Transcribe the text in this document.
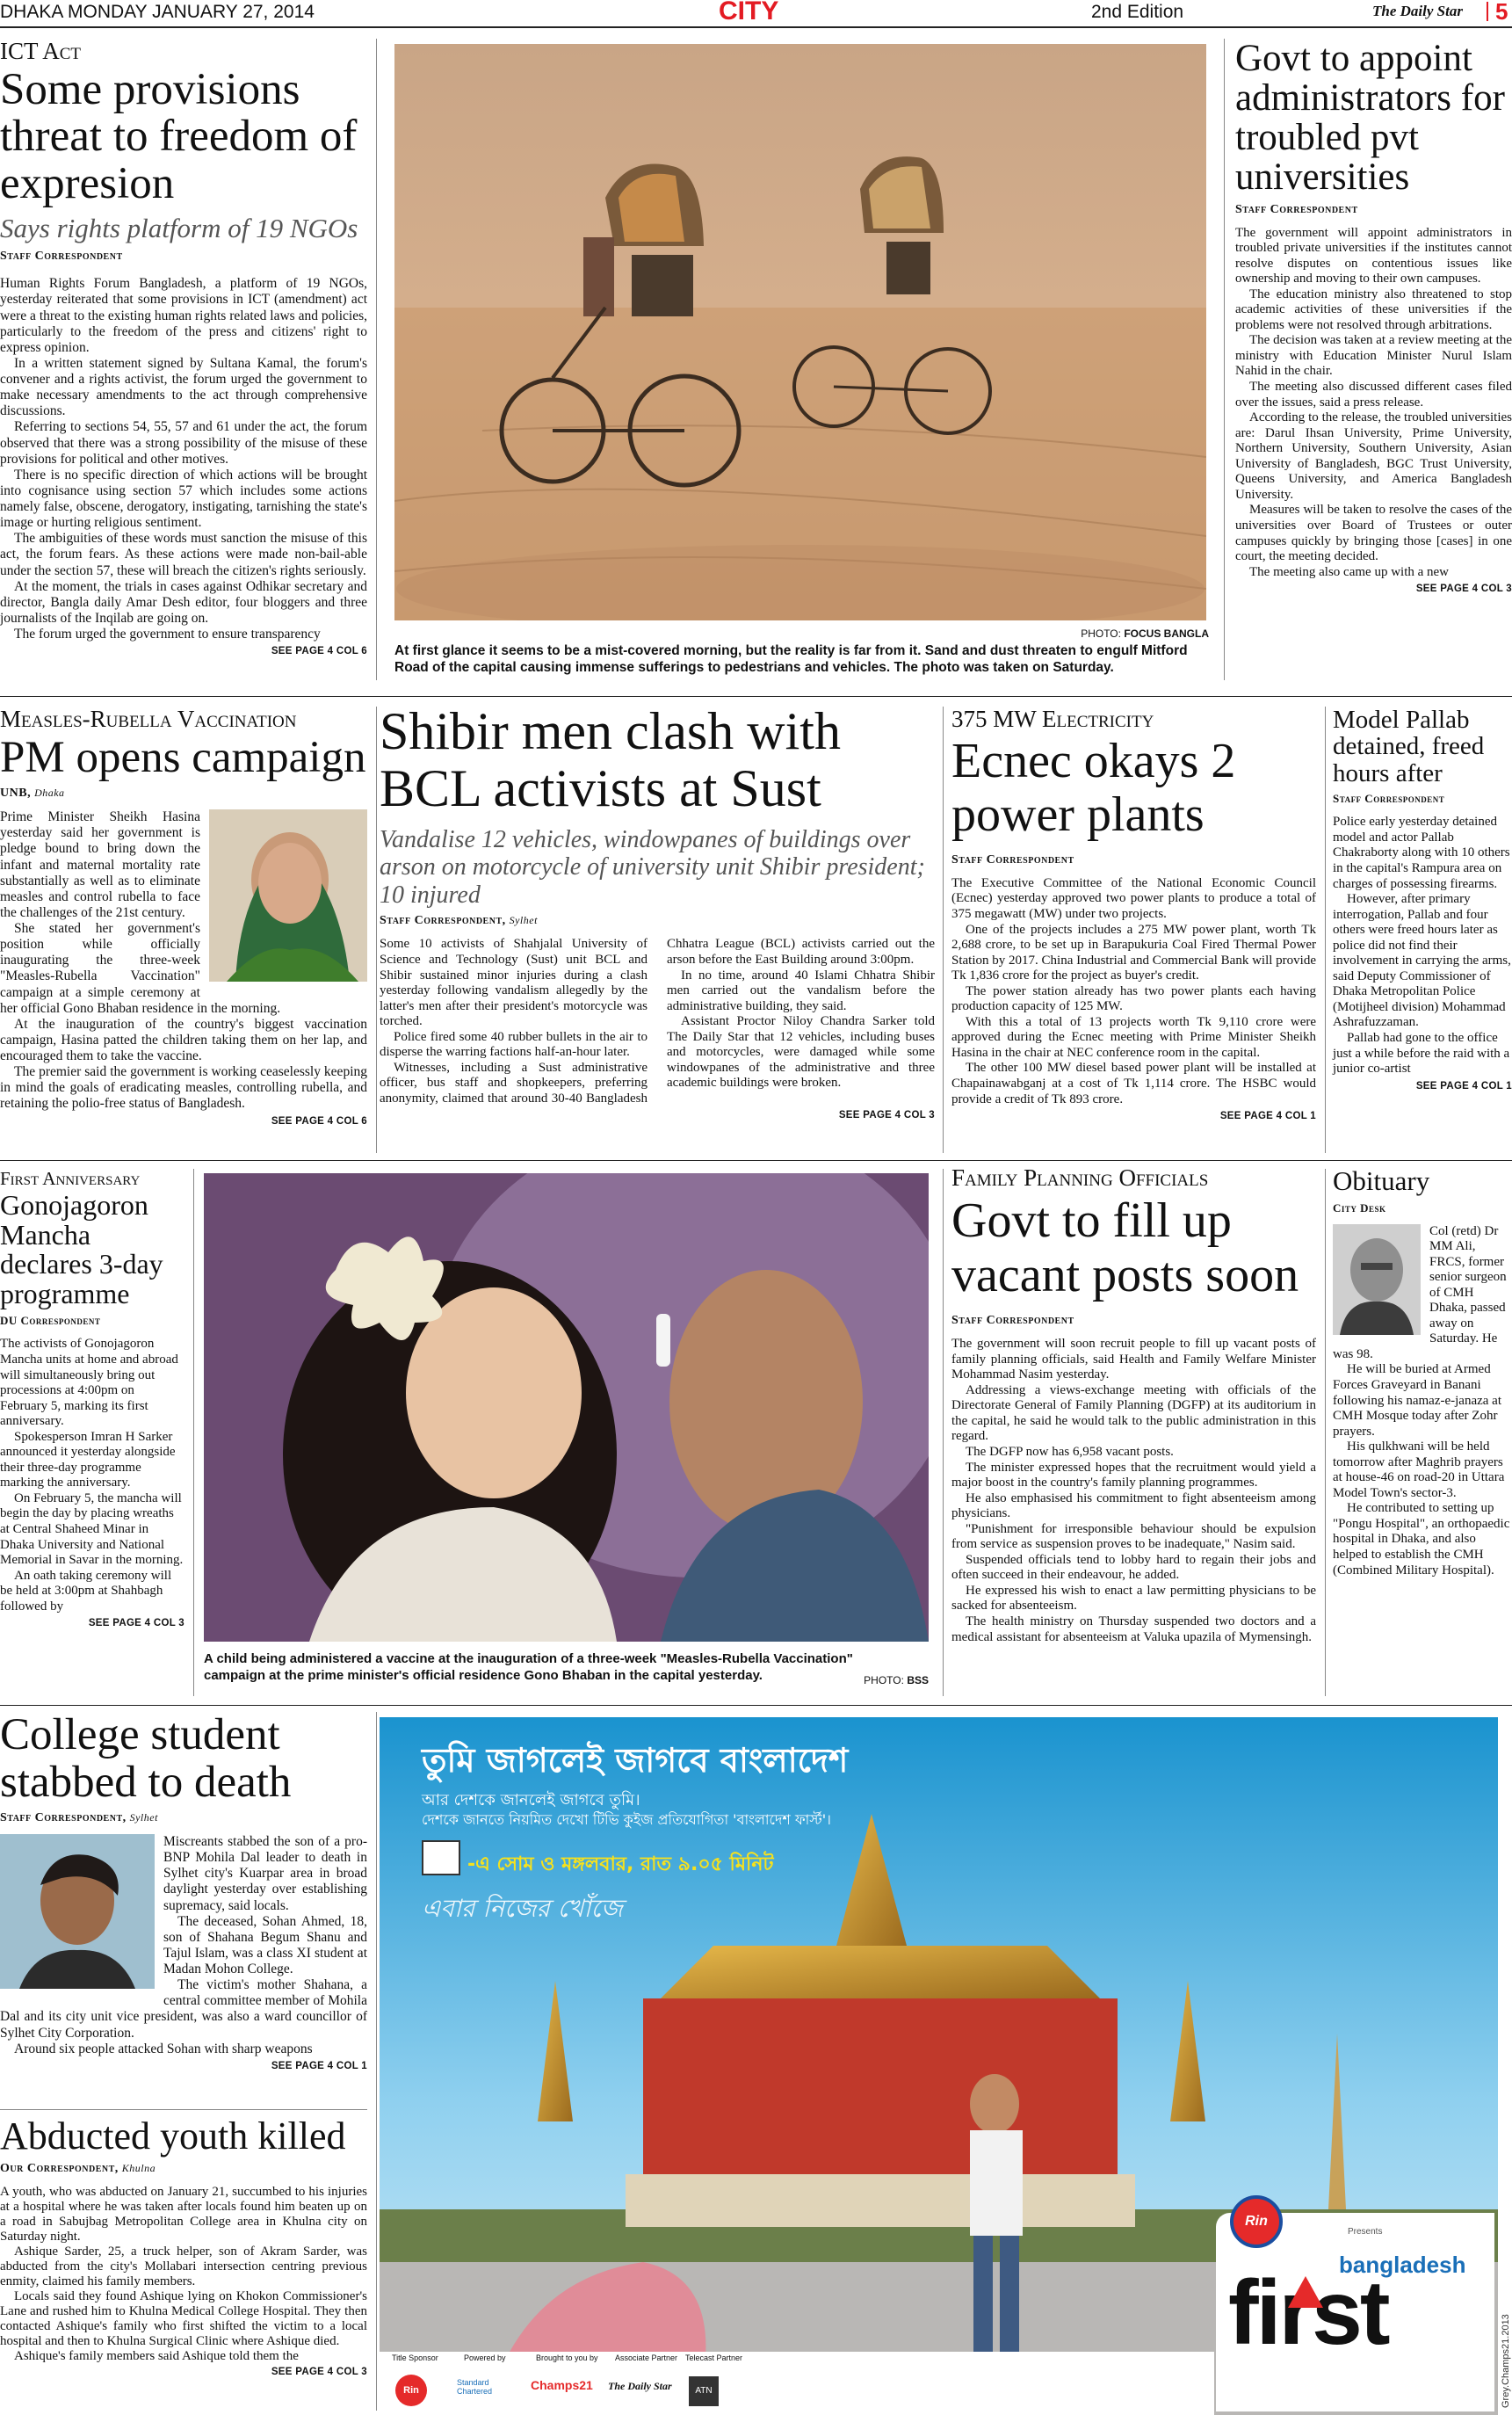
DHAKA MONDAY JANUARY 27, 2014	CITY	2nd Edition	The Daily Star 5
ICT Act
Some provisions threat to freedom of expresion
Says rights platform of 19 NGOs
Staff Correspondent

Human Rights Forum Bangladesh, a platform of 19 NGOs, yesterday reiterated that some provisions in ICT (amendment) act were a threat to the existing human rights related laws and policies, particularly to the freedom of the press and citizens' right to express opinion.

In a written statement signed by Sultana Kamal, the forum's convener and a rights activist, the forum urged the government to make necessary amendments to the act through comprehensive discussions.

Referring to sections 54, 55, 57 and 61 under the act, the forum observed that there was a strong possibility of the misuse of these provisions for political and other motives.

There is no specific direction of which actions will be brought into cognisance using section 57 which includes some actions namely false, obscene, derogatory, instigating, tarnishing the state's image or hurting religious sentiment.

The ambiguities of these words must sanction the misuse of this act, the forum fears. As these actions were made non-bail-able under the section 57, these will breach the citizen's rights seriously.

At the moment, the trials in cases against Odhikar secretary and director, Bangla daily Amar Desh editor, four bloggers and three journalists of the Inqilab are going on.

The forum urged the government to ensure transparency

SEE PAGE 4 COL 6
PHOTO: FOCUS BANGLA
At first glance it seems to be a mist-covered morning, but the reality is far from it. Sand and dust threaten to engulf Mitford Road of the capital causing immense sufferings to pedestrians and vehicles. The photo was taken on Saturday.
Govt to appoint administrators for troubled pvt universities
Staff Correspondent

The government will appoint administrators in troubled private universities if the institutes cannot resolve disputes on contentious issues like ownership and moving to their own campuses.

The education ministry also threatened to stop academic activities of these universities if the problems were not resolved through arbitrations.

The decision was taken at a review meeting at the ministry with Education Minister Nurul Islam Nahid in the chair.

The meeting also discussed different cases filed over the issues, said a press release.

According to the release, the troubled universities are: Darul Ihsan University, Prime University, Northern University, Southern University, Asian University of Bangladesh, BGC Trust University, Queens University, and America Bangladesh University.

Measures will be taken to resolve the cases of the universities over Board of Trustees or outer campuses quickly by bringing those [cases] in one court, the meeting decided.

The meeting also came up with a new

SEE PAGE 4 COL 3
Measles-Rubella Vaccination
PM opens campaign
UNB, Dhaka

Prime Minister Sheikh Hasina yesterday said her government is pledge bound to bring down the infant and maternal mortality rate substantially as well as to eliminate measles and control rubella to face the challenges of the 21st century.

She stated her government's position while officially inaugurating the three-week "Measles-Rubella Vaccination" campaign at a simple ceremony at her official Gono Bhaban residence in the morning.

At the inauguration of the country's biggest vaccination campaign, Hasina patted the children taking them on her lap, and encouraged them to take the vaccine.

The premier said the government is working ceaselessly keeping in mind the goals of eradicating measles, controlling rubella, and retaining the polio-free status of Bangladesh.

SEE PAGE 4 COL 6
Shibir men clash with BCL activists at Sust
Vandalise 12 vehicles, windowpanes of buildings over arson on motorcycle of university unit Shibir president; 10 injured
Staff Correspondent, Sylhet

Some 10 activists of Shahjalal University of Science and Technology (Sust) unit BCL and Shibir sustained minor injuries during a clash yesterday following vandalism allegedly by the latter's men after their president's motorcycle was torched.

Police fired some 40 rubber bullets in the air to disperse the warring factions half-an-hour later.

Witnesses, including a Sust administrative officer, bus staff and shopkeepers, preferring anonymity, claimed that around 30-40 Bangladesh Chhatra League (BCL) activists carried out the arson before the East Building around 3:00pm.

In no time, around 40 Islami Chhatra Shibir men carried out the vandalism before the administrative building, they said.

Assistant Proctor Niloy Chandra Sarker told The Daily Star that 12 vehicles, including buses and motorcycles, were damaged while some windowpanes of the administrative and three academic buildings were broken.

SEE PAGE 4 COL 3
375 MW Electricity
Ecnec okays 2 power plants
Staff Correspondent

The Executive Committee of the National Economic Council (Ecnec) yesterday approved two power plants to produce a total of 375 megawatt (MW) under two projects.

One of the projects includes a 275 MW power plant, worth Tk 2,688 crore, to be set up in Barapukuria Coal Fired Thermal Power Station by 2017. China Industrial and Commercial Bank will provide Tk 1,836 crore for the project as buyer's credit.

The power station already has two power plants each having production capacity of 125 MW.

With this a total of 13 projects worth Tk 9,110 crore were approved during the Ecnec meeting with Prime Minister Sheikh Hasina in the chair at NEC conference room in the capital.

The other 100 MW diesel based power plant will be installed at Chapainawabganj at a cost of Tk 1,114 crore. The HSBC would provide a credit of Tk 893 crore.

SEE PAGE 4 COL 1
Model Pallab detained, freed hours after
Staff Correspondent

Police early yesterday detained model and actor Pallab Chakraborty along with 10 others in the capital's Rampura area on charges of possessing firearms.

However, after primary interrogation, Pallab and four others were freed hours later as police did not find their involvement in carrying the arms, said Deputy Commissioner of Dhaka Metropolitan Police (Motijheel division) Mohammad Ashrafuzzaman.

Pallab had gone to the office just a while before the raid with a junior co-artist

SEE PAGE 4 COL 1
First Anniversary
Gonojagoron Mancha declares 3-day programme
DU Correspondent

The activists of Gonojagoron Mancha units at home and abroad will simultaneously bring out processions at 4:00pm on February 5, marking its first anniversary.

Spokesperson Imran H Sarker announced it yesterday alongside their three-day programme marking the anniversary.

On February 5, the mancha will begin the day by placing wreaths at Central Shaheed Minar in Dhaka University and National Memorial in Savar in the morning.

An oath taking ceremony will be held at 3:00pm at Shahbagh followed by

SEE PAGE 4 COL 3
A child being administered a vaccine at the inauguration of a three-week "Measles-Rubella Vaccination" campaign at the prime minister's official residence Gono Bhaban in the capital yesterday.	PHOTO: BSS
Family Planning Officials
Govt to fill up vacant posts soon
Staff Correspondent

The government will soon recruit people to fill up vacant posts of family planning officials, said Health and Family Welfare Minister Mohammad Nasim yesterday.

Addressing a views-exchange meeting with officials of the Directorate General of Family Planning (DGFP) at its auditorium in the capital, he said he would talk to the public administration in this regard.

The DGFP now has 6,958 vacant posts.

The minister expressed hopes that the recruitment would yield a major boost in the country's family planning programmes.

He also emphasised his commitment to fight absenteeism among physicians.

"Punishment for irresponsible behaviour should be expulsion from service as suspension proves to be inadequate," Nasim said.

Suspended officials tend to lobby hard to regain their jobs and often succeed in their endeavour, he added.

He expressed his wish to enact a law permitting physicians to be sacked for absenteeism.

The health ministry on Thursday suspended two doctors and a medical assistant for absenteeism at Valuka upazila of Mymensingh.

Obituary
City Desk

Col (retd) Dr MM Ali, FRCS, former senior surgeon of CMH Dhaka, passed away on Saturday. He was 98.

He will be buried at Armed Forces Graveyard in Banani following his namaz-e-janaza at CMH Mosque today after Zohr prayers.

His qulkhwani will be held tomorrow after Maghrib prayers at house-46 on road-20 in Uttara Model Town's sector-3.

He contributed to setting up "Pongu Hospital", an orthopaedic hospital in Dhaka, and also helped to establish the CMH (Combined Military Hospital).

College student stabbed to death
Staff Correspondent, Sylhet

Miscreants stabbed the son of a pro-BNP Mohila Dal leader to death in Sylhet city's Kuarpar area in broad daylight yesterday over establishing supremacy, said locals.

The deceased, Sohan Ahmed, 18, son of Shahana Begum Shanu and Tajul Islam, was a class XI student at Madan Mohon College.

The victim's mother Shahana, a central committee member of Mohila Dal and its city unit vice president, was also a ward councillor of Sylhet City Corporation.

Around six people attacked Sohan with sharp weapons

SEE PAGE 4 COL 1
Abducted youth killed
Our Correspondent, Khulna

A youth, who was abducted on January 21, succumbed to his injuries at a hospital where he was taken after locals found him beaten up on a road in Sabujbag Metropolitan College area in Khulna city on Saturday night.

Ashique Sarder, 25, a truck helper, son of Akram Sarder, was abducted from the city's Mollabari intersection centring previous enmity, claimed his family members.

Locals said they found Ashique lying on Khokon Commissioner's Lane and rushed him to Khulna Medical College Hospital. They then contacted Ashique's family who first shifted the victim to a local hospital and then to Khulna Surgical Clinic where Ashique died.

Ashique's family members said Ashique told them the

SEE PAGE 4 COL 3
তুমি জাগলেই জাগবে বাংলাদেশ
আর দেশকে জানলেই জাগবে তুমি।
দেশকে জানতে নিয়মিত দেখো টিভি কুইজ প্রতিযোগিতা 'বাংলাদেশ ফার্স্ট'।
-এ সোম ও মঙ্গলবার, রাত ৯.০৫ মিনিট
এবার নিজের খোঁজে
Rin
Presents
bangladesh
first
Title Sponsor	Powered by	Brought to you by Associate Partner Telecast Partner
Rin
Standard Chartered	Champs21 The Daily Star	ATN	Grey.Champs21.2013
